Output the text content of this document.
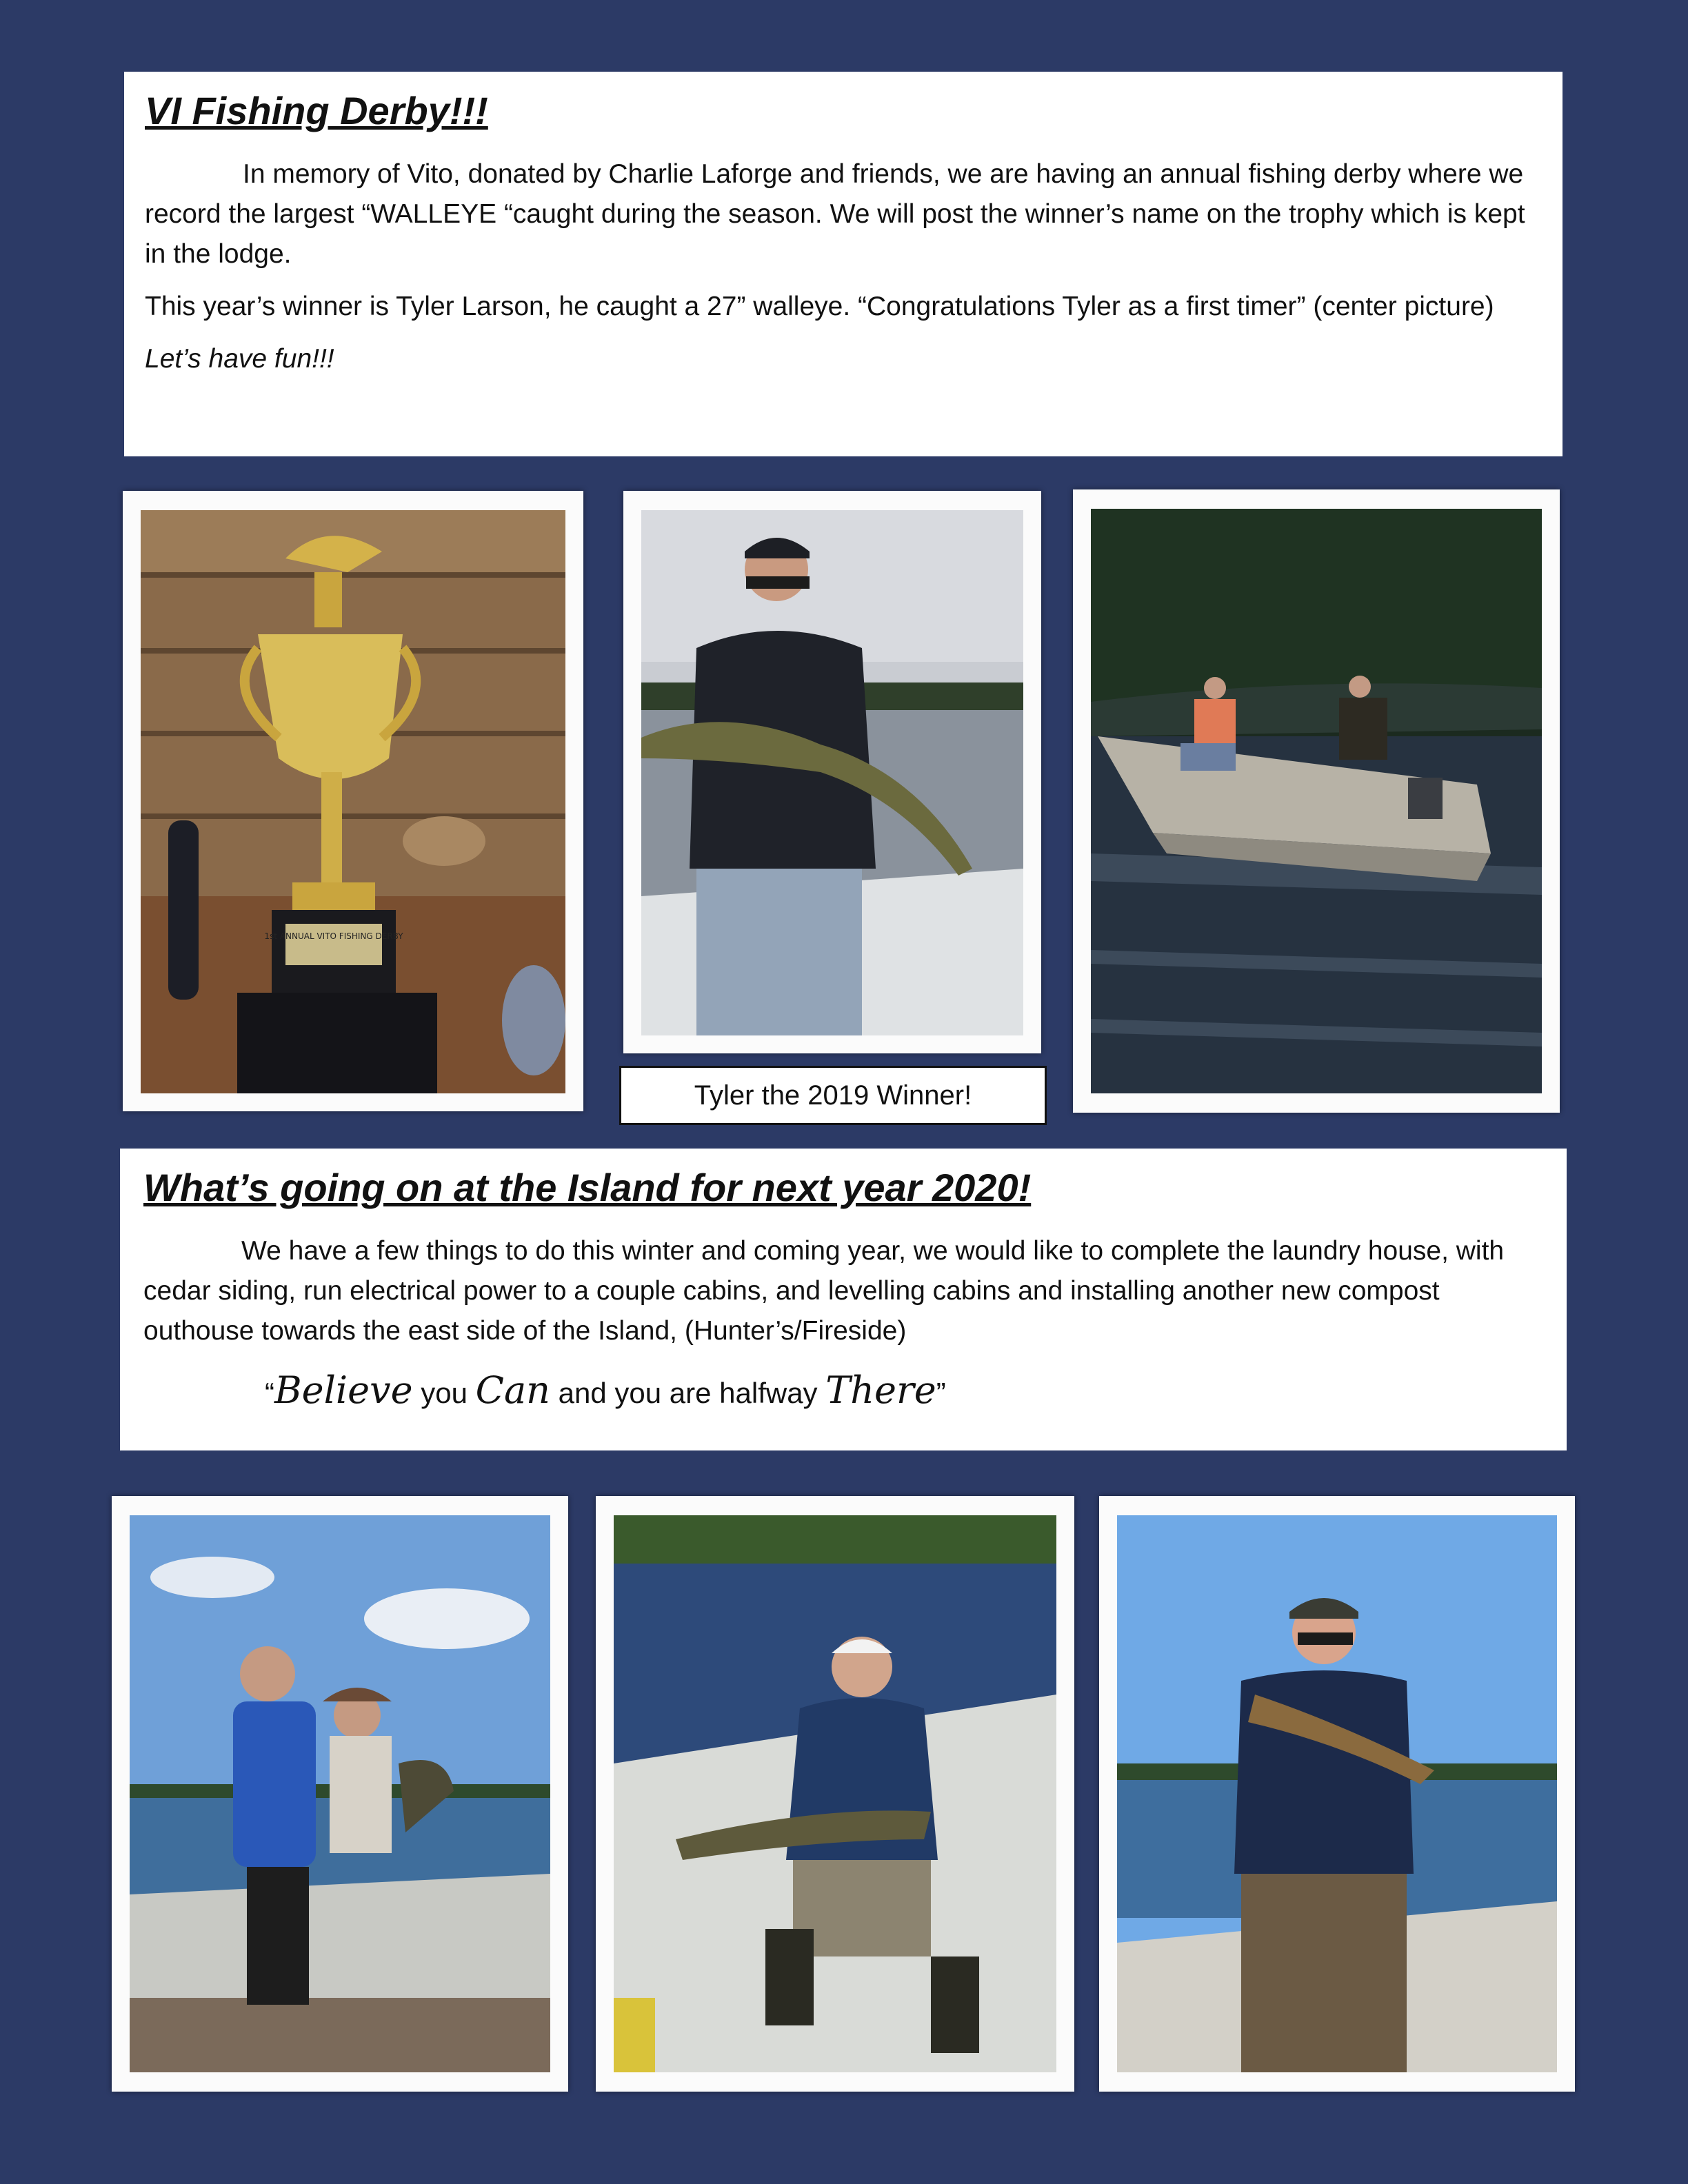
VI Fishing Derby!!!

In memory of Vito, donated by Charlie Laforge and friends, we are having an annual fishing derby where we record the largest “WALLEYE “caught during the season. We will post the winner’s name on the trophy which is kept in the lodge.

This year’s winner is Tyler Larson, he caught a 27” walleye. “Congratulations Tyler as a first timer” (center picture)

Let’s have fun!!!

1st ANNUAL VITO FISHING DERBY
Tyler the 2019 Winner!
What’s going on at the Island for next year 2020!

We have a few things to do this winter and coming year, we would like to complete the laundry house, with cedar siding, run electrical power to a couple cabins, and levelling cabins and installing another new compost outhouse towards the east side of the Island, (Hunter’s/Fireside)

“Believe you Can and you are halfway There”
